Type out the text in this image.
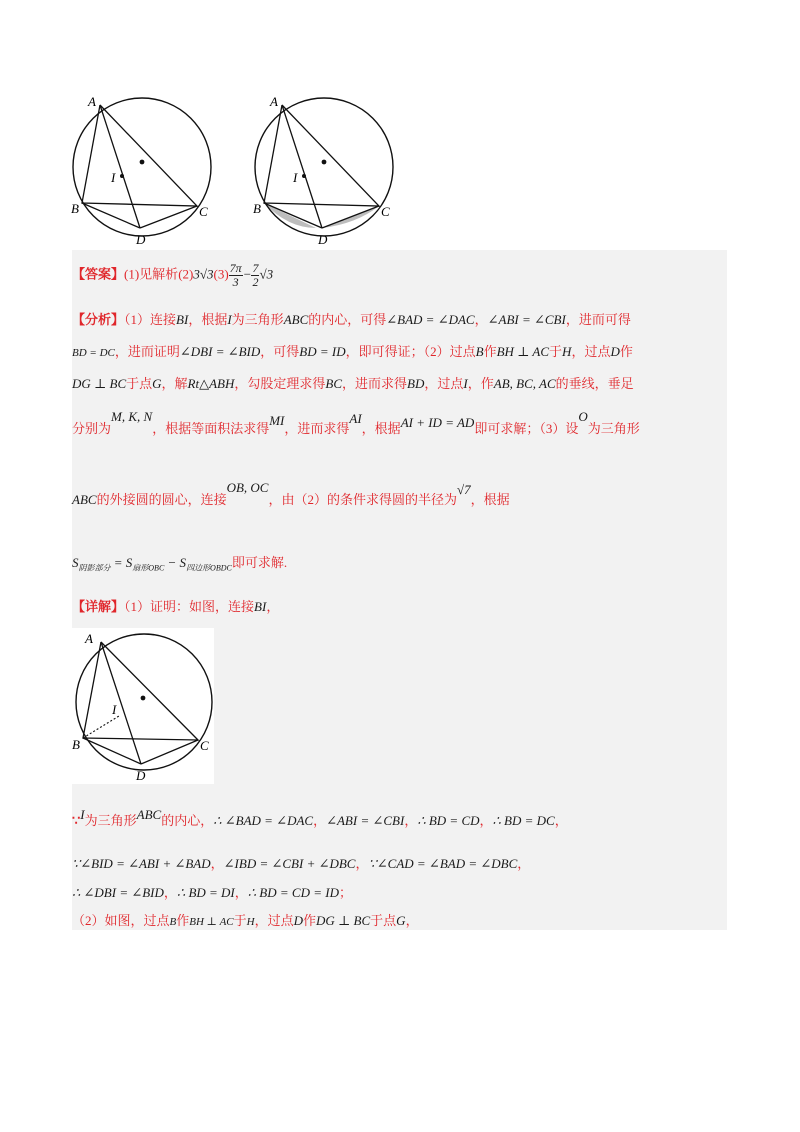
A
I
B	C
D
A
I
B	C
D
【答案】(1)见解析$(2)3√3(3) \frac{7\pi}{3} - \frac{7}{2} √3$
【分析】（1）连接BI，根据I为三角形ABC的内心，可得∠BAD = ∠DAC，∠ABI = ∠CBI，进而可得
BD = DC，进而证明∠DBI = ∠BID，可得BD = ID，即可得证；（2）过点B作BH ⊥ AC于H，过点D作
DG ⊥ BC于点G，解Rt△ABH，勾股定理求得BC，进而求得BD，过点I，作AB, BC, AC的垂线，垂足
分别为M, K, N，根据等面积法求得MI，进而求得AI，根据AI + ID = AD即可求解；（3）设O为三角形
ABC的外接圆的圆心，连接OB, OC，由（2）的条件求得圆的半径为√7，根据
$S_{阴影部分} = S_{扇形OBC} - S_{四边形OBDC}$即可求解.
【详解】（1）证明：如图，连接BI，
A
I
B	C
D
∵I为三角形ABC的内心，∴ ∠BAD = ∠DAC，∠ABI = ∠CBI，∴ BD = CD，∴ BD = DC，
∵∠BID = ∠ABI + ∠BAD，∠IBD = ∠CBI + ∠DBC，∵∠CAD = ∠BAD = ∠DBC，
∴ ∠DBI = ∠BID，∴ BD = DI，∴ BD = CD = ID；
（2）如图，过点B作BH ⊥ AC于H，过点D作DG ⊥ BC于点G，
